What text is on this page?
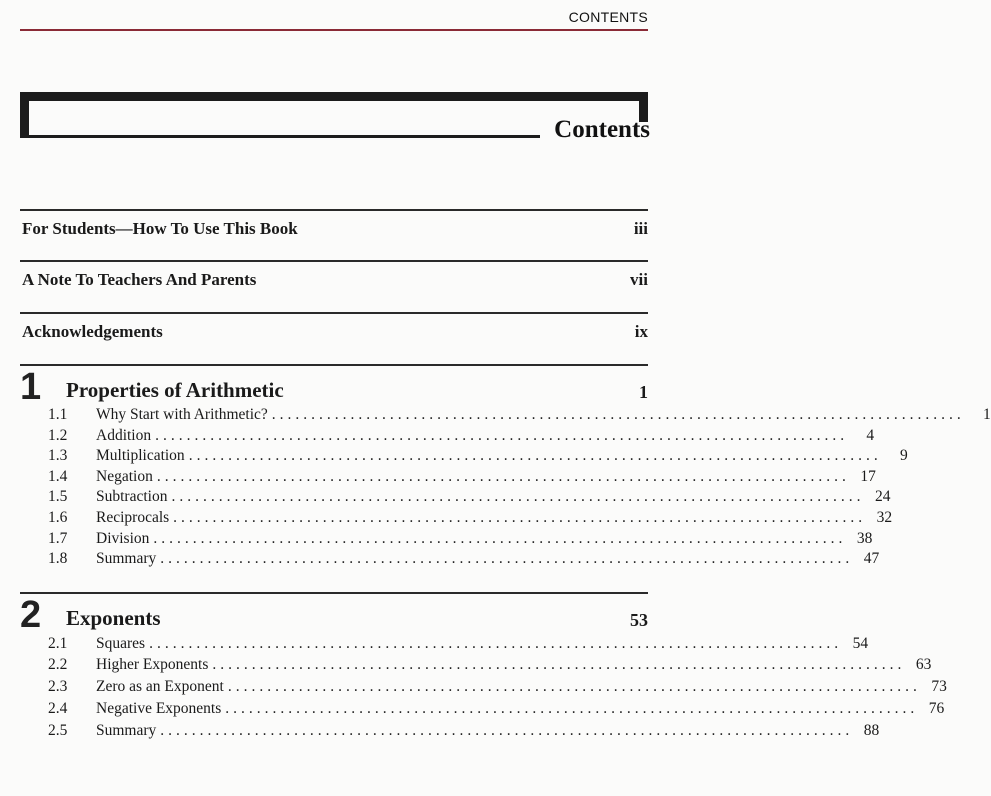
CONTENTS
Contents
For Students—How To Use This Book	iii
A Note To Teachers And Parents	vii
Acknowledgements	ix
1 Properties of Arithmetic	1
1.1	Why Start with Arithmetic? ........................................................................................	1
1.2	Addition ........................................................................................	4
1.3	Multiplication ........................................................................................	9
1.4	Negation ........................................................................................ 17
1.5	Subtraction ........................................................................................ 24
1.6	Reciprocals ........................................................................................ 32
1.7	Division ........................................................................................ 38
1.8	Summary ........................................................................................ 47
2 Exponents	53
2.1	Squares ........................................................................................ 54
2.2	Higher Exponents ........................................................................................ 63
2.3	Zero as an Exponent ........................................................................................ 73
2.4	Negative Exponents ........................................................................................ 76
2.5	Summary ........................................................................................ 88
